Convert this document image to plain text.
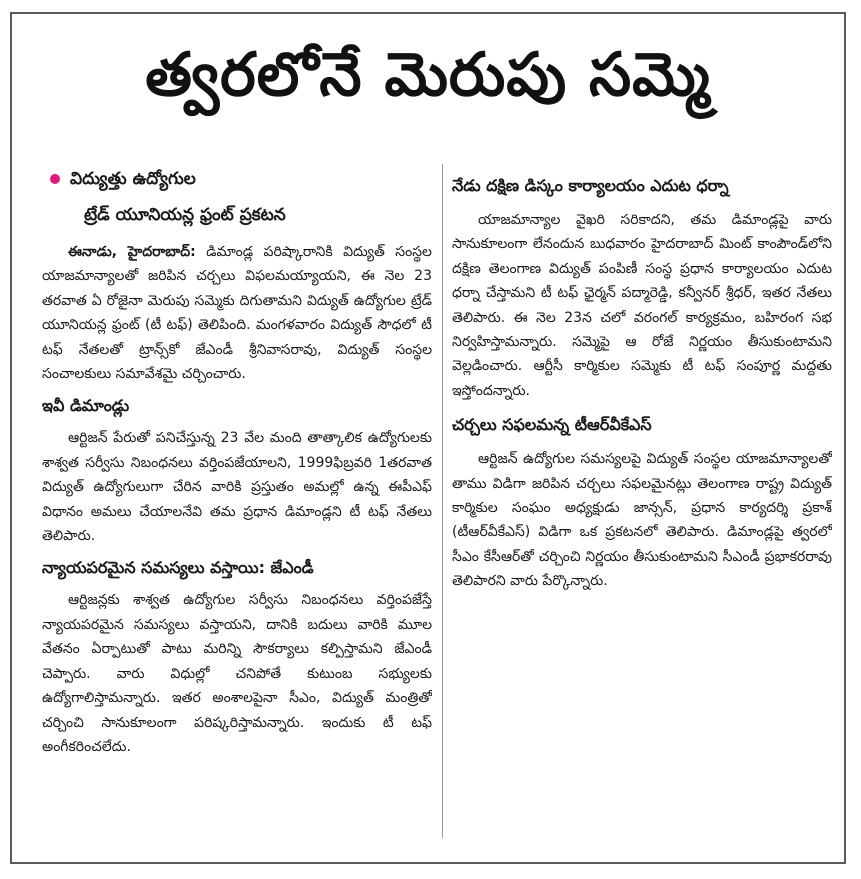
త్వరలోనే మెరుపు సమ్మె
విద్యుత్తు ఉద్యోగుల
ట్రేడ్ యూనియన్ల ఫ్రంట్ ప్రకటన

ఈనాడు, హైదరాబాద్: డిమాండ్ల పరిష్కారానికి విద్యుత్ సంస్థల యాజమాన్యాలతో జరిపిన చర్చలు విఫలమయ్యాయని, ఈ నెల 23 తరవాత ఏ రోజైనా మెరుపు సమ్మెకు దిగుతామని విద్యుత్ ఉద్యోగుల ట్రేడ్ యూనియన్ల ఫ్రంట్ (టీ టఫ్) తెలిపింది. మంగళవారం విద్యుత్ సౌధలో టీ టఫ్ నేతలతో ట్రాన్స్‌కో జేఎండీ శ్రీనివాసరావు, విద్యుత్ సంస్థల సంచాలకులు సమావేశమై చర్చించారు.

ఇవీ డిమాండ్లు

ఆర్టిజన్ పేరుతో పనిచేస్తున్న 23 వేల మంది తాత్కాలిక ఉద్యోగులకు శాశ్వత సర్వీసు నిబంధనలు వర్తింపజేయాలని, 1999ఫిబ్రవరి 1తరవాత విద్యుత్ ఉద్యోగులుగా చేరిన వారికి ప్రస్తుతం అమల్లో ఉన్న ఈపీఎఫ్ విధానం అమలు చేయాలనేవి తమ ప్రధాన డిమాండ్లని టీ టఫ్ నేతలు తెలిపారు.

న్యాయపరమైన సమస్యలు వస్తాయి: జేఎండీ

ఆర్టిజన్లకు శాశ్వత ఉద్యోగుల సర్వీసు నిబంధనలు వర్తింపజేస్తే న్యాయపరమైన సమస్యలు వస్తాయని, దానికి బదులు వారికి మూల వేతనం ఏర్పాటుతో పాటు మరిన్ని సౌకర్యాలు కల్పిస్తామని జేఎండీ చెప్పారు. వారు విధుల్లో చనిపోతే కుటుంబ సభ్యులకు ఉద్యోగాలిస్తామన్నారు. ఇతర అంశాలపైనా సీఎం, విద్యుత్ మంత్రితో చర్చించి సానుకూలంగా పరిష్కరిస్తామన్నారు. ఇందుకు టీ టఫ్ అంగీకరించలేదు.

నేడు దక్షిణ డిస్కం కార్యాలయం ఎదుట ధర్నా

యాజమాన్యాల వైఖరి సరికాదని, తమ డిమాండ్లపై వారు సానుకూలంగా లేనందున బుధవారం హైదరాబాద్ మింట్ కాంపౌండ్‌లోని దక్షిణ తెలంగాణ విద్యుత్ పంపిణీ సంస్థ ప్రధాన కార్యాలయం ఎదుట ధర్నా చేస్తామని టీ టఫ్ ఛైర్మన్ పద్మారెడ్డి, కన్వీనర్ శ్రీధర్, ఇతర నేతలు తెలిపారు. ఈ నెల 23న చలో వరంగల్ కార్యక్రమం, బహిరంగ సభ నిర్వహిస్తామన్నారు. సమ్మెపై ఆ రోజే నిర్ణయం తీసుకుంటామని వెల్లడించారు. ఆర్టీసీ కార్మికుల సమ్మెకు టీ టఫ్ సంపూర్ణ మద్దతు ఇస్తోందన్నారు.

చర్చలు సఫలమన్న టీఆర్‌వీకేఎస్

ఆర్టిజన్ ఉద్యోగుల సమస్యలపై విద్యుత్ సంస్థల యాజమాన్యాలతో తాము విడిగా జరిపిన చర్చలు సఫలమైనట్లు తెలంగాణ రాష్ట్ర విద్యుత్ కార్మికుల సంఘం అధ్యక్షుడు జాన్సన్, ప్రధాన కార్యదర్శి ప్రకాశ్ (టీఆర్‌వీకేఎస్) విడిగా ఒక ప్రకటనలో తెలిపారు. డిమాండ్లపై త్వరలో సీఎం కేసీఆర్‌తో చర్చించి నిర్ణయం తీసుకుంటామని సీఎండీ ప్రభాకరరావు తెలిపారని వారు పేర్కొన్నారు.
